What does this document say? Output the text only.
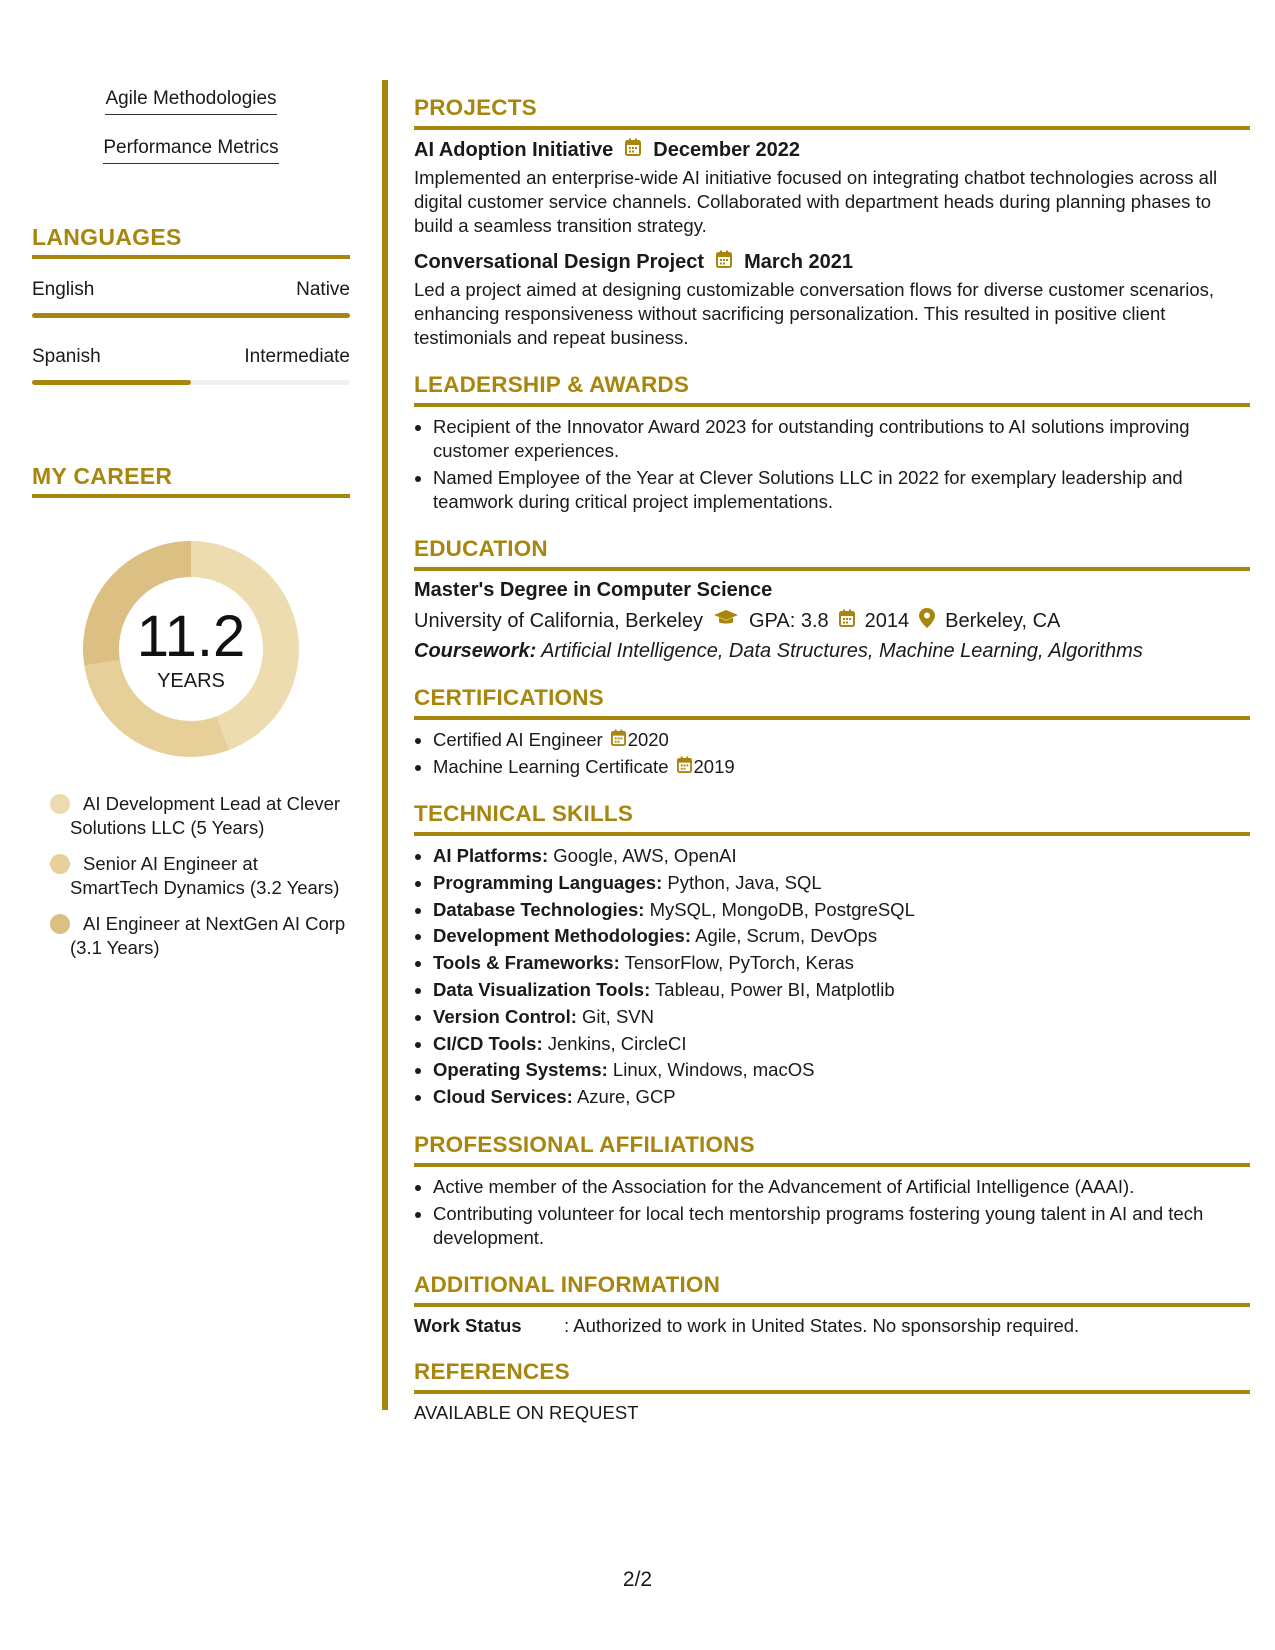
Agile Methodologies
Performance Metrics
LANGUAGES
English	Native
Spanish	Intermediate
MY CAREER
11.2
YEARS
AI Development Lead at Clever Solutions LLC (5 Years)
Senior AI Engineer at SmartTech Dynamics (3.2 Years)
AI Engineer at NextGen AI Corp (3.1 Years)
PROJECTS
AI Adoption Initiative December 2022
Implemented an enterprise-wide AI initiative focused on integrating chatbot technologies across all digital customer service channels. Collaborated with department heads during planning phases to build a seamless transition strategy.
Conversational Design Project March 2021
Led a project aimed at designing customizable conversation flows for diverse customer scenarios, enhancing responsiveness without sacrificing personalization. This resulted in positive client testimonials and repeat business.
LEADERSHIP & AWARDS
• Recipient of the Innovator Award 2023 for outstanding contributions to AI solutions improving customer experiences.
• Named Employee of the Year at Clever Solutions LLC in 2022 for exemplary leadership and teamwork during critical project implementations.
EDUCATION
Master's Degree in Computer Science
University of California, Berkeley GPA: 3.8 2014 Berkeley, CA
Coursework: Artificial Intelligence, Data Structures, Machine Learning, Algorithms
CERTIFICATIONS
• Certified AI Engineer 2020
• Machine Learning Certificate 2019
TECHNICAL SKILLS
• AI Platforms: Google, AWS, OpenAI
• Programming Languages: Python, Java, SQL
• Database Technologies: MySQL, MongoDB, PostgreSQL
• Development Methodologies: Agile, Scrum, DevOps
• Tools & Frameworks: TensorFlow, PyTorch, Keras
• Data Visualization Tools: Tableau, Power BI, Matplotlib
• Version Control: Git, SVN
• CI/CD Tools: Jenkins, CircleCI
• Operating Systems: Linux, Windows, macOS
• Cloud Services: Azure, GCP
PROFESSIONAL AFFILIATIONS
• Active member of the Association for the Advancement of Artificial Intelligence (AAAI).
• Contributing volunteer for local tech mentorship programs fostering young talent in AI and tech development.
ADDITIONAL INFORMATION
Work Status	: Authorized to work in United States. No sponsorship required.
REFERENCES
AVAILABLE ON REQUEST
2/2
